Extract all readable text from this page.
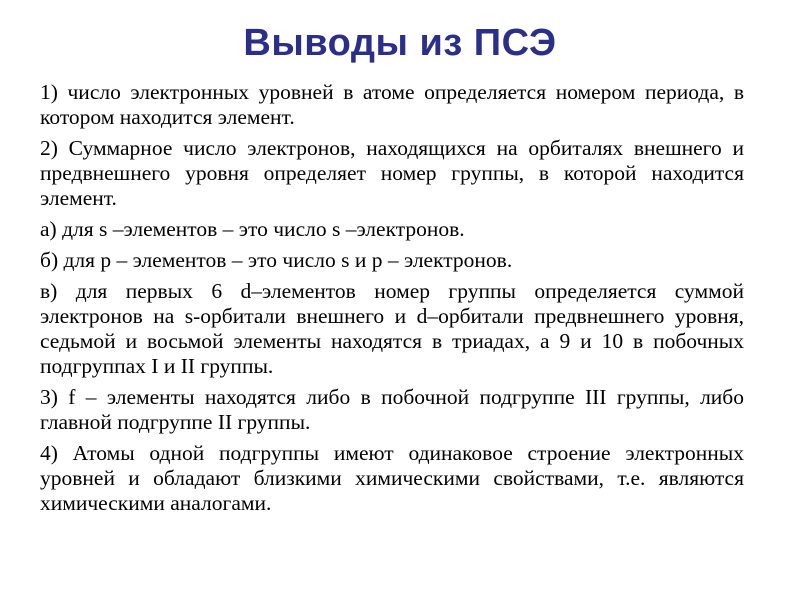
Выводы из ПСЭ

1) число электронных уровней в атоме определяется номером периода, в котором находится элемент.

2) Суммарное число электронов, находящихся на орбиталях внешнего и предвнешнего уровня определяет номер группы, в которой находится элемент.

а) для s –элементов – это число s –электронов.

б) для p – элементов – это число s и p – электронов.

в) для первых 6 d–элементов номер группы определяется суммой электронов на s-орбитали внешнего и d–орбитали предвнешнего уровня, седьмой и восьмой элементы находятся в триадах, а 9 и 10 в побочных подгруппах I и II группы.

3) f – элементы находятся либо в побочной подгруппе III группы, либо главной подгруппе II группы.

4) Атомы одной подгруппы имеют одинаковое строение электронных уровней и обладают близкими химическими свойствами, т.е. являются химическими аналогами.
